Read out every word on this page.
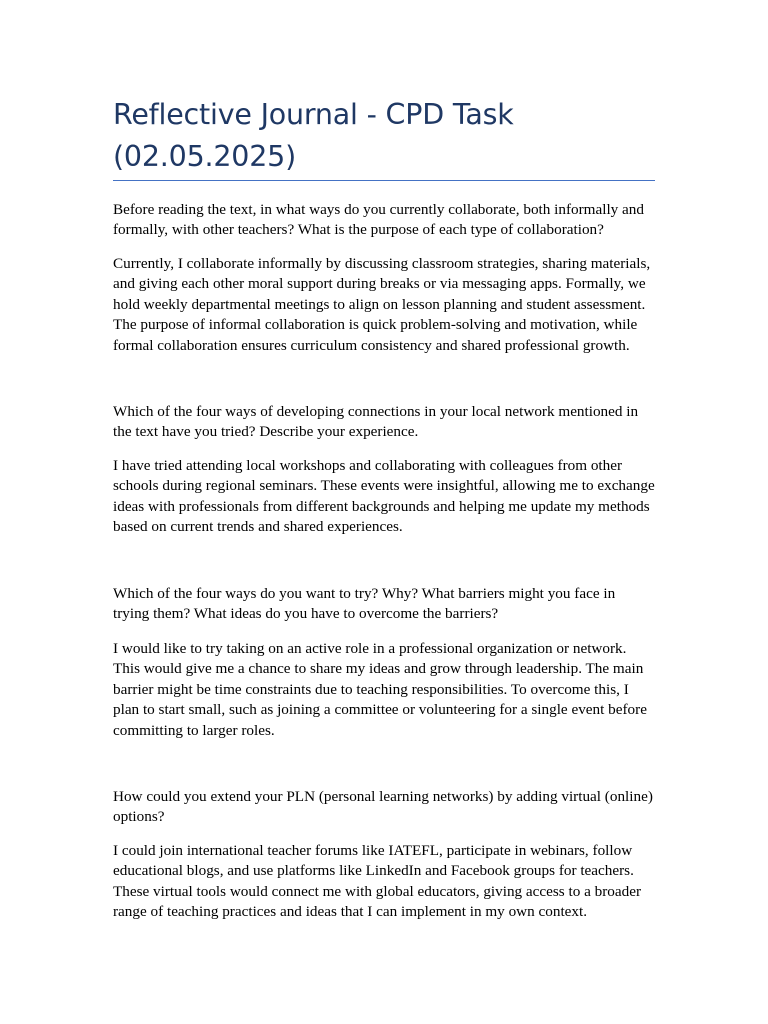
Reflective Journal - CPD Task (02.05.2025)

Before reading the text, in what ways do you currently collaborate, both informally and formally, with other teachers? What is the purpose of each type of collaboration?

Currently, I collaborate informally by discussing classroom strategies, sharing materials, and giving each other moral support during breaks or via messaging apps. Formally, we hold weekly departmental meetings to align on lesson planning and student assessment. The purpose of informal collaboration is quick problem-solving and motivation, while formal collaboration ensures curriculum consistency and shared professional growth.

Which of the four ways of developing connections in your local network mentioned in the text have you tried? Describe your experience.

I have tried attending local workshops and collaborating with colleagues from other schools during regional seminars. These events were insightful, allowing me to exchange ideas with professionals from different backgrounds and helping me update my methods based on current trends and shared experiences.

Which of the four ways do you want to try? Why? What barriers might you face in trying them? What ideas do you have to overcome the barriers?

I would like to try taking on an active role in a professional organization or network. This would give me a chance to share my ideas and grow through leadership. The main barrier might be time constraints due to teaching responsibilities. To overcome this, I plan to start small, such as joining a committee or volunteering for a single event before committing to larger roles.

How could you extend your PLN (personal learning networks) by adding virtual (online) options?

I could join international teacher forums like IATEFL, participate in webinars, follow educational blogs, and use platforms like LinkedIn and Facebook groups for teachers. These virtual tools would connect me with global educators, giving access to a broader range of teaching practices and ideas that I can implement in my own context.
